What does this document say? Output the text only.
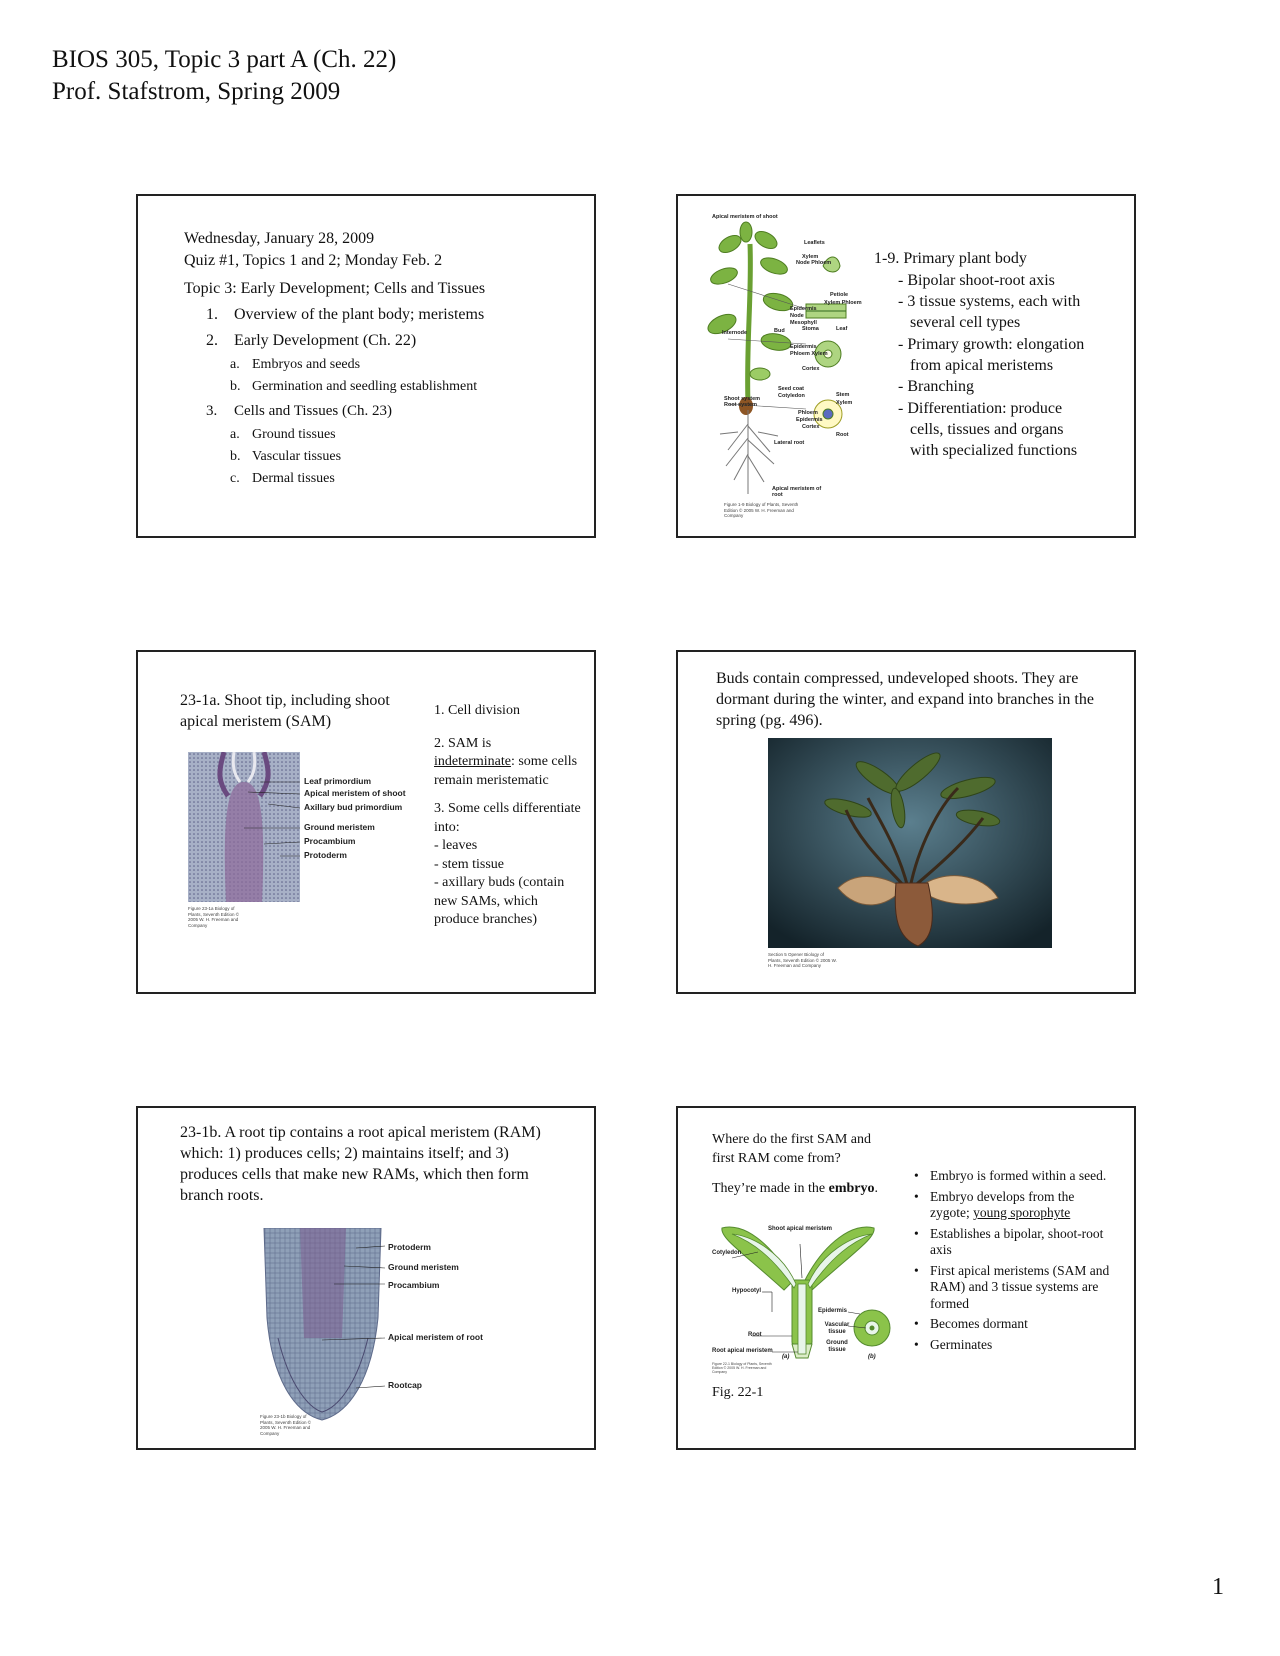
BIOS 305, Topic 3 part A (Ch. 22)
Prof. Stafstrom, Spring 2009
Wednesday, January 28, 2009
Quiz #1, Topics 1 and 2; Monday Feb. 2
Topic 3: Early Development; Cells and Tissues
1. Overview of the plant body; meristems
2. Early Development (Ch. 22)
a. Embryos and seeds
b. Germination and seedling establishment
3. Cells and Tissues (Ch. 23)
a. Ground tissues
b. Vascular tissues
c. Dermal tissues
Apical meristem of shoot
Leaflets
Xylem
Node Phloem
Petiole
Xylem Phloem
Epidermis
Node
Mesophyll
Internode	Bud	Stoma	Leaf
Epidermis Phloem Xylem
Cortex
Seed coat
Cotyledon	Stem
Shoot system
Root system	Xylem
Phloem
Epidermis
Cortex
Root
Lateral root
Apical meristem of root
Figure 1-9 Biology of Plants, Seventh Edition © 2005 W. H. Freeman and Company
1-9. Primary plant body
- Bipolar shoot-root axis
- 3 tissue systems, each with
several cell types
- Primary growth: elongation
from apical meristems
- Branching
- Differentiation: produce
cells, tissues and organs
with specialized functions
23-1a. Shoot tip, including shoot apical meristem (SAM)
Leaf primordium
Apical meristem of shoot
Axillary bud primordium
Ground meristem
Procambium
Protoderm
Figure 23-1a Biology of Plants, Seventh Edition © 2005 W. H. Freeman and Company
1. Cell division
2. SAM is
indeterminate: some cells remain meristematic
3. Some cells differentiate into:
- leaves
- stem tissue
- axillary buds (contain new SAMs, which produce branches)
Buds contain compressed, undeveloped shoots. They are dormant during the winter, and expand into branches in the spring (pg. 496).
Section 5 Opener Biology of Plants, Seventh Edition © 2005 W. H. Freeman and Company
23-1b. A root tip contains a root apical meristem (RAM) which: 1) produces cells; 2) maintains itself; and 3) produces cells that make new RAMs, which then form branch roots.
Protoderm
Ground meristem
Procambium
Apical meristem of root
Rootcap
Figure 23-1b Biology of Plants, Seventh Edition © 2005 W. H. Freeman and Company
Where do the first SAM and first RAM come from?
They’re made in the embryo.
Shoot apical meristem
Cotyledon
Hypocotyl
Root
Root apical meristem
(a)
Epidermis
Vascular tissue
Ground tissue
(b)
Figure 22-1 Biology of Plants, Seventh Edition © 2005 W. H. Freeman and Company
Fig. 22-1
• Embryo is formed within a seed.
• Embryo develops from the zygote; young sporophyte
• Establishes a bipolar, shoot-root axis
• First apical meristems (SAM and RAM) and 3 tissue systems are formed
• Becomes dormant
• Germinates
1
